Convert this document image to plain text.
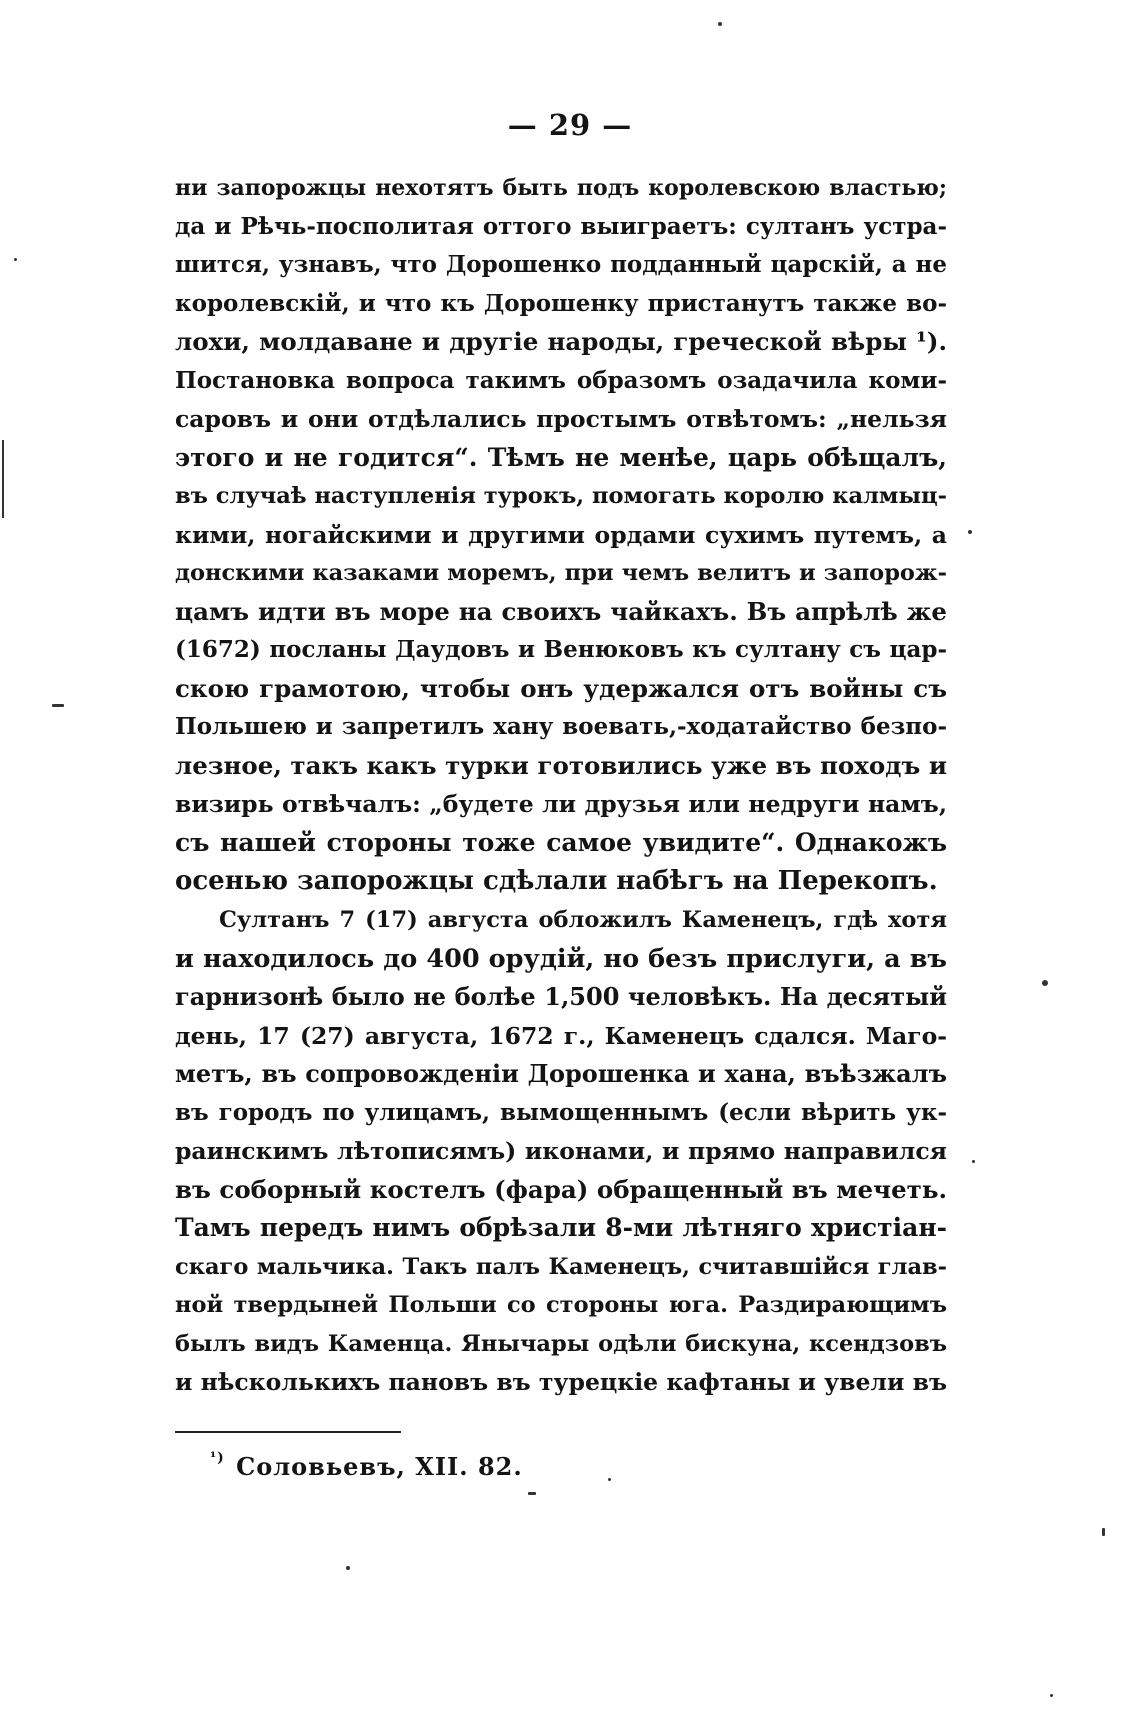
— 29 —
ни запорожцы нехотятъ быть подъ королевскою властью;
да и Рѣчь-посполитая оттого выиграетъ: султанъ устра-
шится, узнавъ, что Дорошенко подданный царскій, а не
королевскій, и что къ Дорошенку пристанутъ также во-
лохи, молдаване и другіе народы, греческой вѣры ¹).
Постановка вопроса такимъ образомъ озадачила коми-
саровъ и они отдѣлались простымъ отвѣтомъ: „нельзя
этого и не годится“. Тѣмъ не менѣе, царь обѣщалъ,
въ случаѣ наступленія турокъ, помогать королю калмыц-
кими, ногайскими и другими ордами сухимъ путемъ, а
донскими казаками моремъ, при чемъ велитъ и запорож-
цамъ идти въ море на своихъ чайкахъ. Въ апрѣлѣ же
(1672) посланы Даудовъ и Венюковъ къ султану съ цар-
скою грамотою, чтобы онъ удержался отъ войны съ
Польшею и запретилъ хану воевать,-ходатайство безпо-
лезное, такъ какъ турки готовились уже въ походъ и
визирь отвѣчалъ: „будете ли друзья или недруги намъ,
съ нашей стороны тоже самое увидите“. Однакожъ
осенью запорожцы сдѣлали набѣгъ на Перекопъ.
Султанъ 7 (17) августа обложилъ Каменецъ, гдѣ хотя
и находилось до 400 орудій, но безъ прислуги, а въ
гарнизонѣ было не болѣе 1,500 человѣкъ. На десятый
день, 17 (27) августа, 1672 г., Каменецъ сдался. Маго-
метъ, въ сопровожденіи Дорошенка и хана, въѣзжалъ
въ городъ по улицамъ, вымощеннымъ (если вѣрить ук-
раинскимъ лѣтописямъ) иконами, и прямо направился
въ соборный костелъ (фара) обращенный въ мечеть.
Тамъ передъ нимъ обрѣзали 8-ми лѣтняго христіан-
скаго мальчика. Такъ палъ Каменецъ, считавшійся глав-
ной твердыней Польши со стороны юга. Раздирающимъ
былъ видъ Каменца. Янычары одѣли бискуна, ксендзовъ
и нѣсколькихъ пановъ въ турецкіе кафтаны и увели въ
$^{^1)}$ Соловьевъ, XII. 82.
